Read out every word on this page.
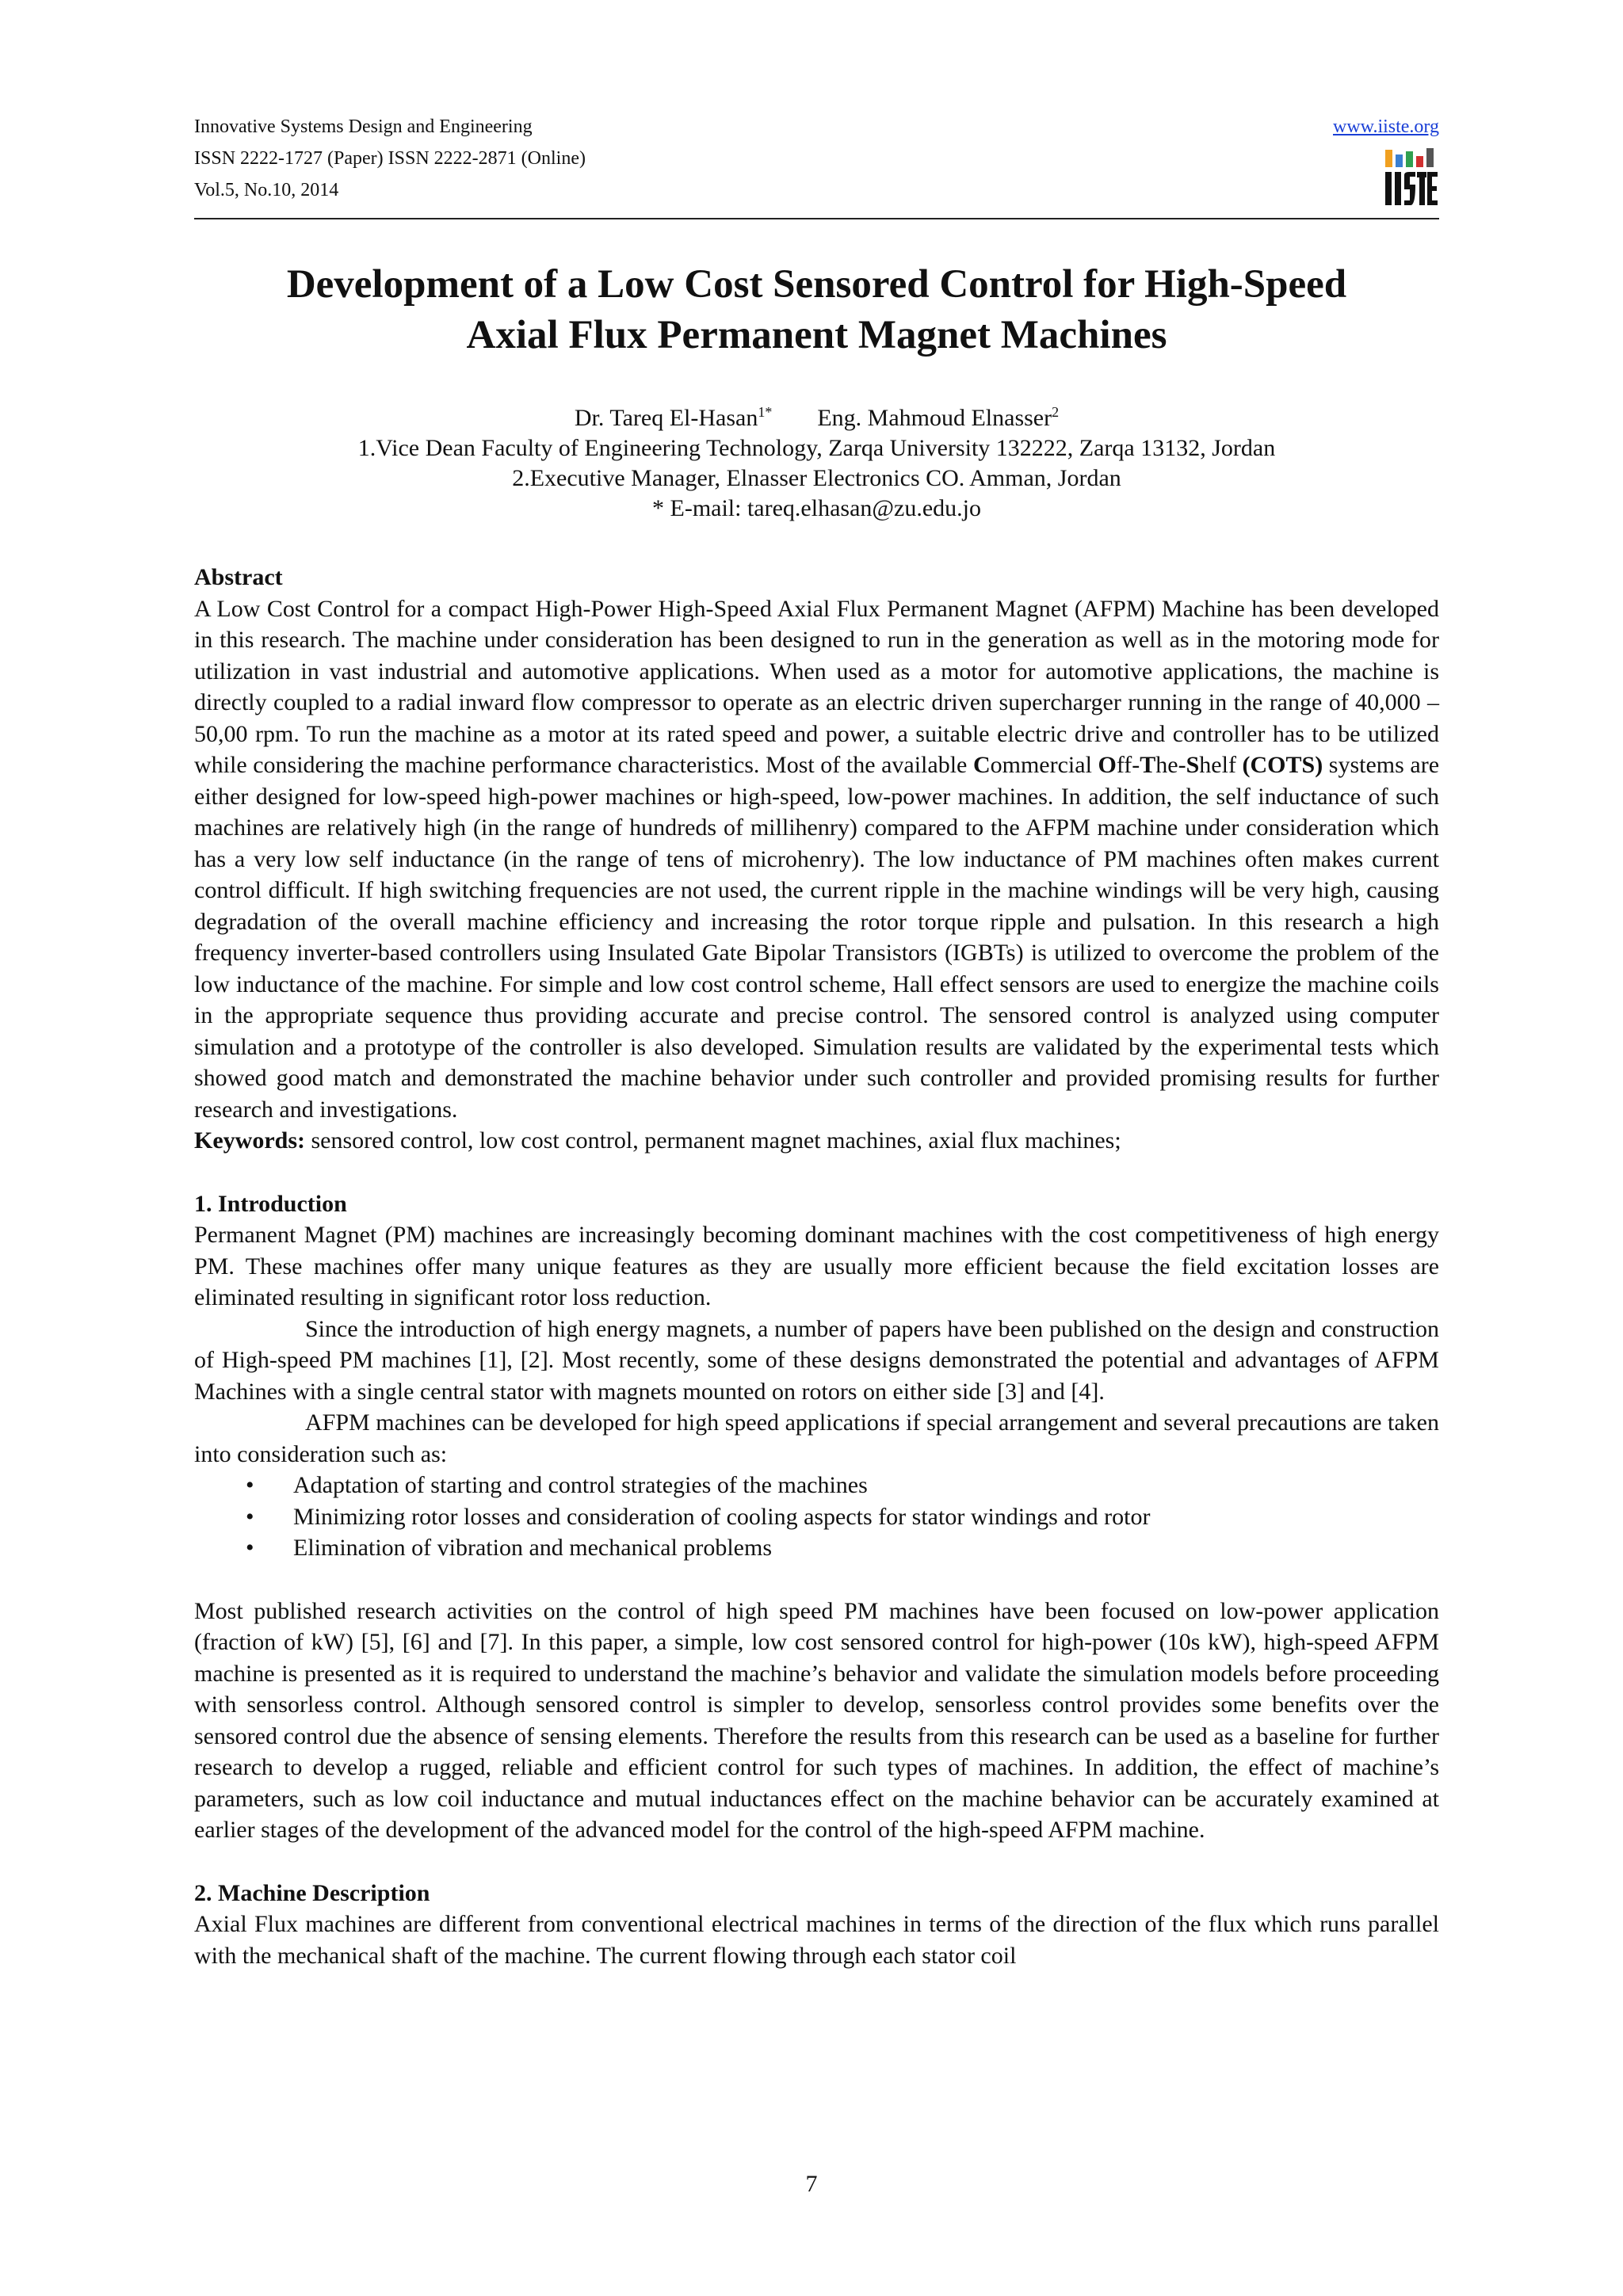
Innovative Systems Design and Engineering
ISSN 2222-1727 (Paper) ISSN 2222-2871 (Online)
Vol.5, No.10, 2014
www.iiste.org
Development of a Low Cost Sensored Control for High-Speed
Axial Flux Permanent Magnet Machines
Dr. Tareq El-Hasan$^{1*}$ Eng. Mahmoud Elnasser$^2$
1.Vice Dean Faculty of Engineering Technology, Zarqa University 132222, Zarqa 13132, Jordan
2.Executive Manager, Elnasser Electronics CO. Amman, Jordan
* E-mail: tareq.elhasan@zu.edu.jo
Abstract

A Low Cost Control for a compact High-Power High-Speed Axial Flux Permanent Magnet (AFPM) Machine has been developed in this research. The machine under consideration has been designed to run in the generation as well as in the motoring mode for utilization in vast industrial and automotive applications. When used as a motor for automotive applications, the machine is directly coupled to a radial inward flow compressor to operate as an electric driven supercharger running in the range of 40,000 – 50,00 rpm. To run the machine as a motor at its rated speed and power, a suitable electric drive and controller has to be utilized while considering the machine performance characteristics. Most of the available Commercial Off-The-Shelf (COTS) systems are either designed for low-speed high-power machines or high-speed, low-power machines. In addition, the self inductance of such machines are relatively high (in the range of hundreds of millihenry) compared to the AFPM machine under consideration which has a very low self inductance (in the range of tens of microhenry). The low inductance of PM machines often makes current control difficult. If high switching frequencies are not used, the current ripple in the machine windings will be very high, causing degradation of the overall machine efficiency and increasing the rotor torque ripple and pulsation. In this research a high frequency inverter-based controllers using Insulated Gate Bipolar Transistors (IGBTs) is utilized to overcome the problem of the low inductance of the machine. For simple and low cost control scheme, Hall effect sensors are used to energize the machine coils in the appropriate sequence thus providing accurate and precise control. The sensored control is analyzed using computer simulation and a prototype of the controller is also developed. Simulation results are validated by the experimental tests which showed good match and demonstrated the machine behavior under such controller and provided promising results for further research and investigations.

Keywords: sensored control, low cost control, permanent magnet machines, axial flux machines;

1. Introduction

Permanent Magnet (PM) machines are increasingly becoming dominant machines with the cost competitiveness of high energy PM. These machines offer many unique features as they are usually more efficient because the field excitation losses are eliminated resulting in significant rotor loss reduction.

Since the introduction of high energy magnets, a number of papers have been published on the design and construction of High-speed PM machines [1], [2]. Most recently, some of these designs demonstrated the potential and advantages of AFPM Machines with a single central stator with magnets mounted on rotors on either side [3] and [4].

AFPM machines can be developed for high speed applications if special arrangement and several precautions are taken into consideration such as:

• Adaptation of starting and control strategies of the machines
• Minimizing rotor losses and consideration of cooling aspects for stator windings and rotor
• Elimination of vibration and mechanical problems

Most published research activities on the control of high speed PM machines have been focused on low-power application (fraction of kW) [5], [6] and [7]. In this paper, a simple, low cost sensored control for high-power (10s kW), high-speed AFPM machine is presented as it is required to understand the machine’s behavior and validate the simulation models before proceeding with sensorless control. Although sensored control is simpler to develop, sensorless control provides some benefits over the sensored control due the absence of sensing elements. Therefore the results from this research can be used as a baseline for further research to develop a rugged, reliable and efficient control for such types of machines. In addition, the effect of machine’s parameters, such as low coil inductance and mutual inductances effect on the machine behavior can be accurately examined at earlier stages of the development of the advanced model for the control of the high-speed AFPM machine.

2. Machine Description

Axial Flux machines are different from conventional electrical machines in terms of the direction of the flux which runs parallel with the mechanical shaft of the machine. The current flowing through each stator coil

7
